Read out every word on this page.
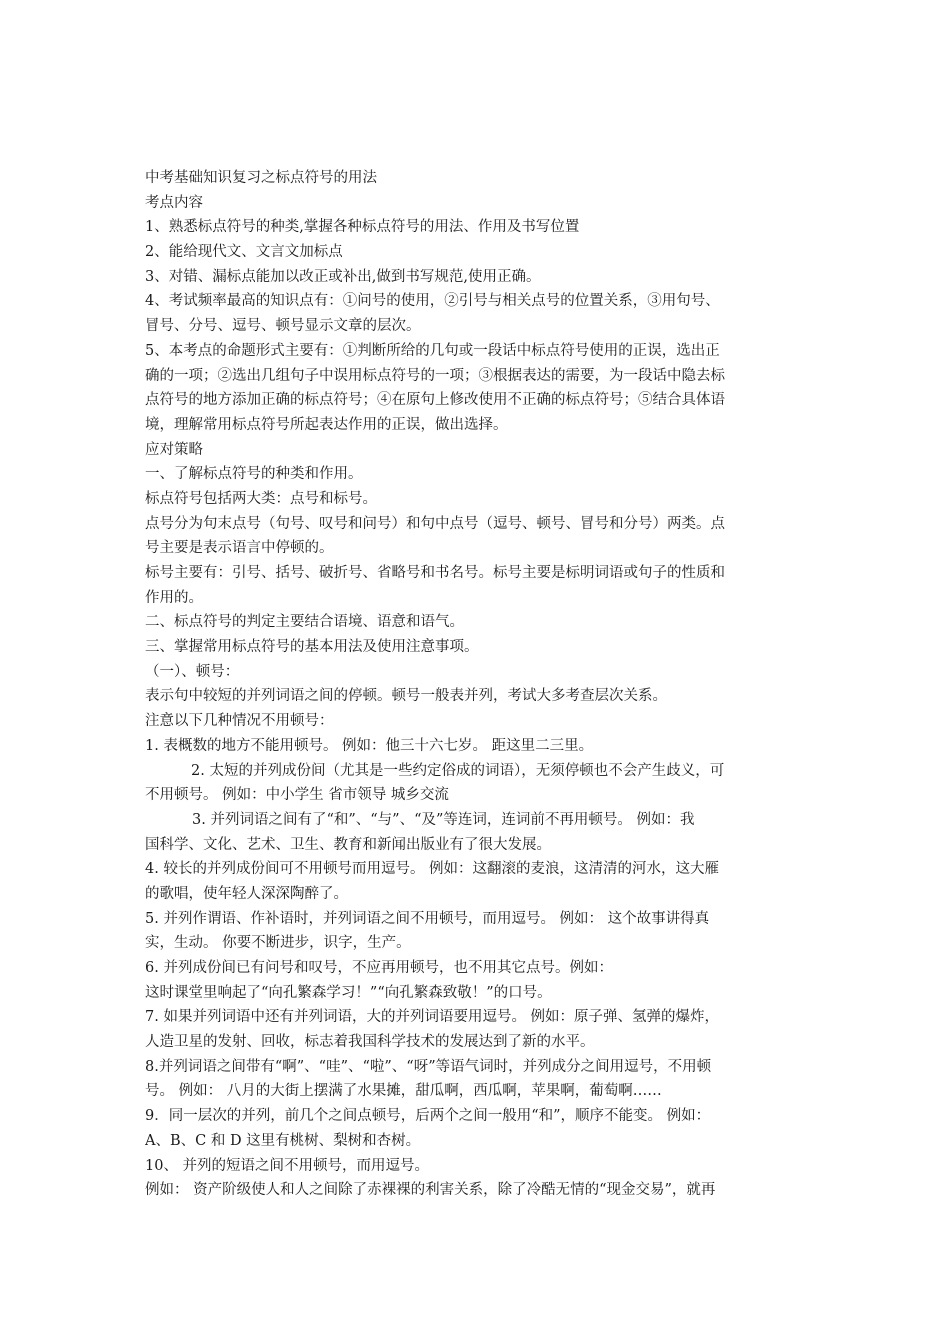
中考基础知识复习之标点符号的用法
考点内容
1、熟悉标点符号的种类,掌握各种标点符号的用法、作用及书写位置
2、能给现代文、文言文加标点
3、对错、漏标点能加以改正或补出,做到书写规范,使用正确。
4、考试频率最高的知识点有：①问号的使用，②引号与相关点号的位置关系，③用句号、
冒号、分号、逗号、顿号显示文章的层次。
5、本考点的命题形式主要有：①判断所给的几句或一段话中标点符号使用的正误，选出正
确的一项；②选出几组句子中误用标点符号的一项；③根据表达的需要，为一段话中隐去标
点符号的地方添加正确的标点符号；④在原句上修改使用不正确的标点符号；⑤结合具体语
境，理解常用标点符号所起表达作用的正误，做出选择。
应对策略
一、了解标点符号的种类和作用。
标点符号包括两大类：点号和标号。
点号分为句末点号（句号、叹号和问号）和句中点号（逗号、顿号、冒号和分号）两类。点
号主要是表示语言中停顿的。
标号主要有：引号、括号、破折号、省略号和书名号。标号主要是标明词语或句子的性质和
作用的。
二、标点符号的判定主要结合语境、语意和语气。
三、掌握常用标点符号的基本用法及使用注意事项。
（一）、顿号：
表示句中较短的并列词语之间的停顿。顿号一般表并列，考试大多考查层次关系。
注意以下几种情况不用顿号：
1. 表概数的地方不能用顿号。 例如：他三十六七岁。 距这里二三里。
2. 太短的并列成份间（尤其是一些约定俗成的词语），无须停顿也不会产生歧义，可
不用顿号。 例如：中小学生 省市领导 城乡交流
3. 并列词语之间有了“和”、“与”、“及”等连词，连词前不再用顿号。 例如：我
国科学、文化、艺术、卫生、教育和新闻出版业有了很大发展。
4. 较长的并列成份间可不用顿号而用逗号。 例如：这翻滚的麦浪，这清清的河水，这大雁
的歌唱，使年轻人深深陶醉了。
5. 并列作谓语、作补语时，并列词语之间不用顿号，而用逗号。 例如： 这个故事讲得真
实，生动。 你要不断进步，识字，生产。
6. 并列成份间已有问号和叹号，不应再用顿号，也不用其它点号。例如：
这时课堂里响起了“向孔繁森学习！”“向孔繁森致敬！”的口号。
7. 如果并列词语中还有并列词语，大的并列词语要用逗号。 例如：原子弹、氢弹的爆炸，
人造卫星的发射、回收，标志着我国科学技术的发展达到了新的水平。
8.并列词语之间带有“啊”、“哇”、“啦”、“呀”等语气词时，并列成分之间用逗号，不用顿
号。 例如： 八月的大街上摆满了水果摊，甜瓜啊，西瓜啊，苹果啊，葡萄啊……
9．同一层次的并列，前几个之间点顿号，后两个之间一般用“和”，顺序不能变。 例如：
A、B、C 和 D 这里有桃树、梨树和杏树。
10、 并列的短语之间不用顿号，而用逗号。
例如： 资产阶级使人和人之间除了赤裸裸的利害关系，除了冷酷无情的“现金交易”，就再
